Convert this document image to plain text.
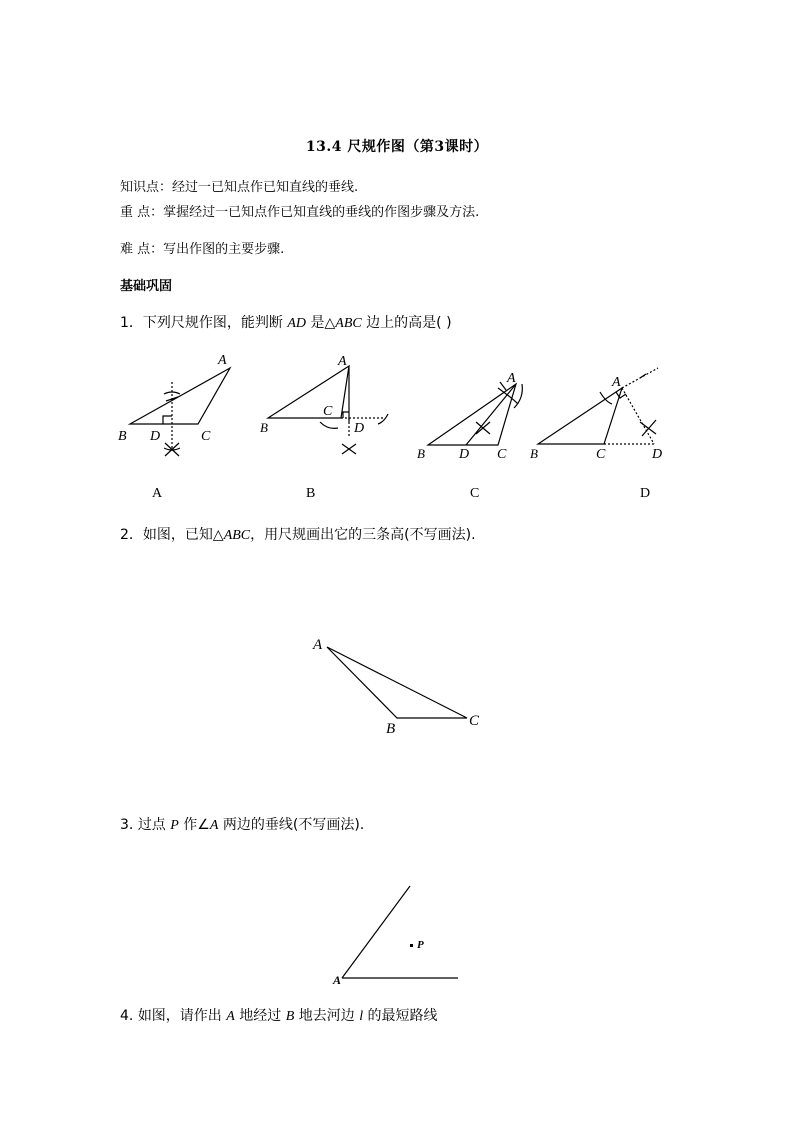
13.4 尺规作图（第3课时）
知识点：经过一已知点作已知直线的垂线.
重 点：掌握经过一已知点作已知直线的垂线的作图步骤及方法.
难 点：写出作图的主要步骤.
基础巩固
1．下列尺规作图，能判断 AD 是△ABC 边上的高是( )
A
B D	C
A
B
C
D
A
B D C
A
B	C	D
A	B	C	D
2．如图，已知△ABC，用尺规画出它的三条高(不写画法).
A
B	C
3. 过点 P 作∠A 两边的垂线(不写画法).
P
A
4. 如图，请作出 A 地经过 B 地去河边 l 的最短路线
